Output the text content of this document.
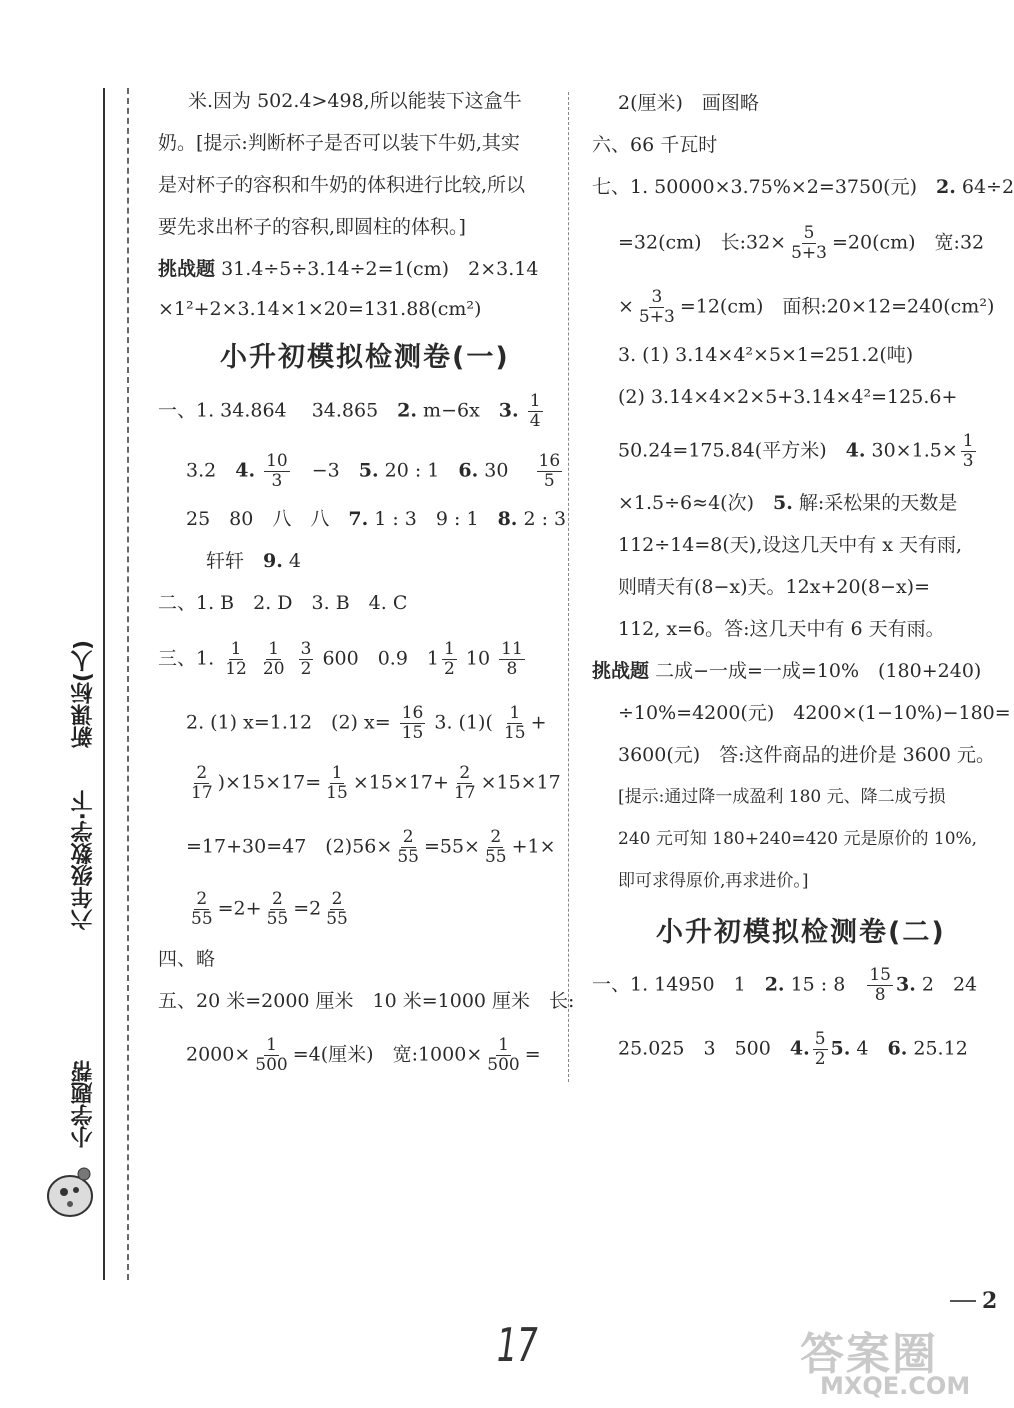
新课标(人)
六年级数学·下
小学题帮
米.因为 502.4>498,所以能装下这盒牛
奶。[提示:判断杯子是否可以装下牛奶,其实
是对杯子的容积和牛奶的体积进行比较,所以
要先求出杯子的容积,即圆柱的体积。]
挑战题 31.4÷5÷3.14÷2=1(cm)　2×3.14
×1²+2×3.14×1×20=131.88(cm²)
小升初模拟检测卷(一)
一、1. 34.864　 34.865　2. m−6x　3. $\frac{1}{4}$
3.2　4. $\frac{10}{3}$ 　−3　5. 20 : 1　6. 30　 $\frac{16}{5}$
25　80　八　八　7. 1 : 3　9 : 1　8. 2 : 3
轩轩　9. 4
二、1. B　2. D　3. B　4. C
三、1. $\frac{1}{12}$
$\frac{1}{20}$
$\frac{3}{2} 600$　0.9　$1 \frac{1}{2} 10 \frac{11}{8}$
2. (1) x=1.12　(2) $x= \frac{16}{15} 3$. $(1)( \frac{1}{15}$ +
$\frac{2}{17} )\times 15\times 17= \frac{1}{15} \times 15\times 17+ \frac{2}{17} \times 15\times 17$
=17+30=47　$(2)56\times \frac{2}{55} =55\times \frac{2}{55} +1\times$
$\frac{2}{55} =2+ \frac{2}{55} =2 \frac{2}{55}$
四、略
五、20 米=2000 厘米　10 米=1000 厘米　长:
$2000\times \frac{1}{500} =4$(厘米)　宽:1000× $\frac{1}{500}$ =
2(厘米)　画图略
六、66 千瓦时
七、1. 50000×3.75%×2=3750(元)　2. 64÷2
=32(cm)　长:32× $\frac{5}{5+3} =20(cm)$　宽:32
× $\frac{3}{5+3} =12(cm)$　面积:20×12=240(cm²)
3. (1) 3.14×4²×5×1=251.2(吨)
(2) 3.14×4×2×5+3.14×4²=125.6+
50.24=175.84(平方米)　4. $30\times 1.5\times \frac{1}{3}$
×1.5÷6≈4(次)　5. 解:采松果的天数是
112÷14=8(天),设这几天中有 x 天有雨,
则晴天有(8−x)天。12x+20(8−x)=
112, x=6。答:这几天中有 6 天有雨。
挑战题 二成−一成=一成=10%　(180+240)
÷10%=4200(元)　4200×(1−10%)−180=
3600(元)　答:这件商品的进价是 3600 元。
[提示:通过降一成盈利 180 元、降二成亏损
240 元可知 180+240=420 元是原价的 10%,
即可求得原价,再求进价。]
小升初模拟检测卷(二)
一、1. 14950　1　2. 15 : 8　 $\frac{15}{8} 3$. 2　24
25.025　3　500　4. $\frac{5}{2} 5$. 4　6. 25.12
17
2
答案圈
MXQE.COM
